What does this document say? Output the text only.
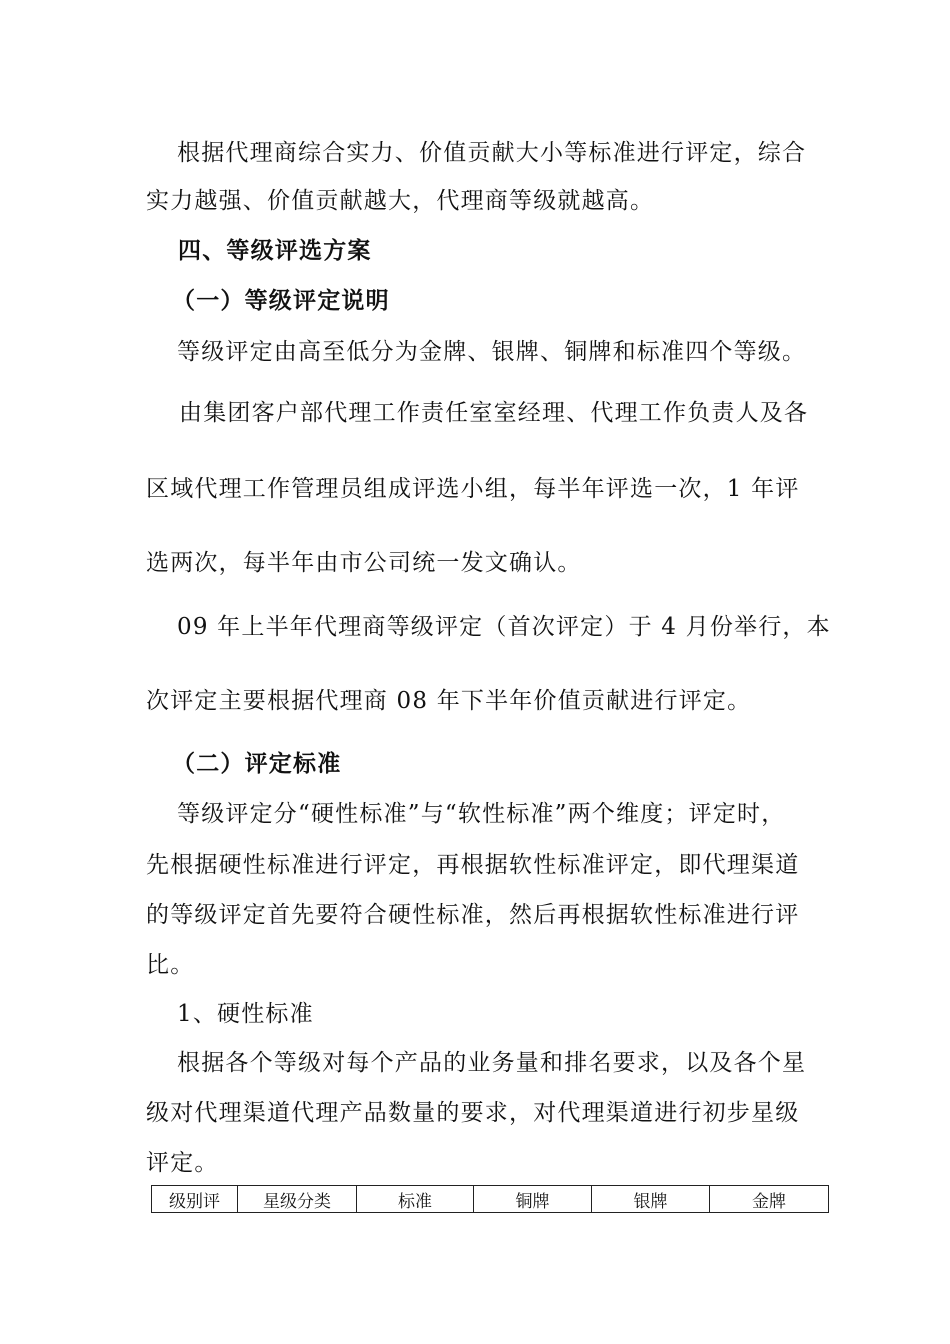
根据代理商综合实力、价值贡献大小等标准进行评定，综合
实力越强、价值贡献越大，代理商等级就越高。
四、等级评选方案
（一）等级评定说明
等级评定由高至低分为金牌、银牌、铜牌和标准四个等级。
由集团客户部代理工作责任室室经理、代理工作负责人及各
区域代理工作管理员组成评选小组，每半年评选一次，1 年评
选两次，每半年由市公司统一发文确认。
09 年上半年代理商等级评定（首次评定）于 4 月份举行，本
次评定主要根据代理商 08 年下半年价值贡献进行评定。
（二）评定标准
等级评定分“硬性标准”与“软性标准”两个维度；评定时，
先根据硬性标准进行评定，再根据软性标准评定，即代理渠道
的等级评定首先要符合硬性标准，然后再根据软性标准进行评
比。
1、硬性标准
根据各个等级对每个产品的业务量和排名要求，以及各个星
级对代理渠道代理产品数量的要求，对代理渠道进行初步星级
评定。
级别评	星级分类	标准	铜牌	银牌	金牌
